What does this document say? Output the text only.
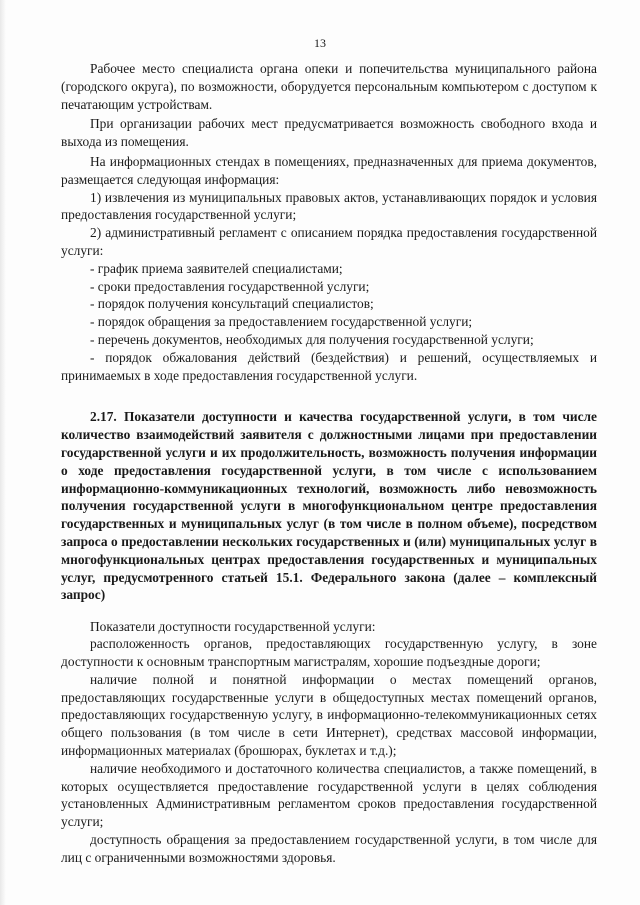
13

Рабочее место специалиста органа опеки и попечительства муниципального района (городского округа), по возможности, оборудуется персональным компьютером с доступом к печатающим устройствам.

При организации рабочих мест предусматривается возможность свободного входа и выхода из помещения.

На информационных стендах в помещениях, предназначенных для приема документов, размещается следующая информация:

1) извлечения из муниципальных правовых актов, устанавливающих порядок и условия предоставления государственной услуги;

2) административный регламент с описанием порядка предоставления государственной услуги:

- график приема заявителей специалистами;

- сроки предоставления государственной услуги;

- порядок получения консультаций специалистов;

- порядок обращения за предоставлением государственной услуги;

- перечень документов, необходимых для получения государственной услуги;

- порядок обжалования действий (бездействия) и решений, осуществляемых и принимаемых в ходе предоставления государственной услуги.

2.17. Показатели доступности и качества государственной услуги, в том числе количество взаимодействий заявителя с должностными лицами при предоставлении государственной услуги и их продолжительность, возможность получения информации о ходе предоставления государственной услуги, в том числе с использованием информационно-коммуникационных технологий, возможность либо невозможность получения государственной услуги в многофункциональном центре предоставления государственных и муниципальных услуг (в том числе в полном объеме), посредством запроса о предоставлении нескольких государственных и (или) муниципальных услуг в многофункциональных центрах предоставления государственных и муниципальных услуг, предусмотренного статьей 15.1. Федерального закона (далее – комплексный запрос)

Показатели доступности государственной услуги:

расположенность органов, предоставляющих государственную услугу, в зоне доступности к основным транспортным магистралям, хорошие подъездные дороги;

наличие полной и понятной информации о местах помещений органов, предоставляющих государственные услуги в общедоступных местах помещений органов, предоставляющих государственную услугу, в информационно-телекоммуникационных сетях общего пользования (в том числе в сети Интернет), средствах массовой информации, информационных материалах (брошюрах, буклетах и т.д.);

наличие необходимого и достаточного количества специалистов, а также помещений, в которых осуществляется предоставление государственной услуги в целях соблюдения установленных Административным регламентом сроков предоставления государственной услуги;

доступность обращения за предоставлением государственной услуги, в том числе для лиц с ограниченными возможностями здоровья.
